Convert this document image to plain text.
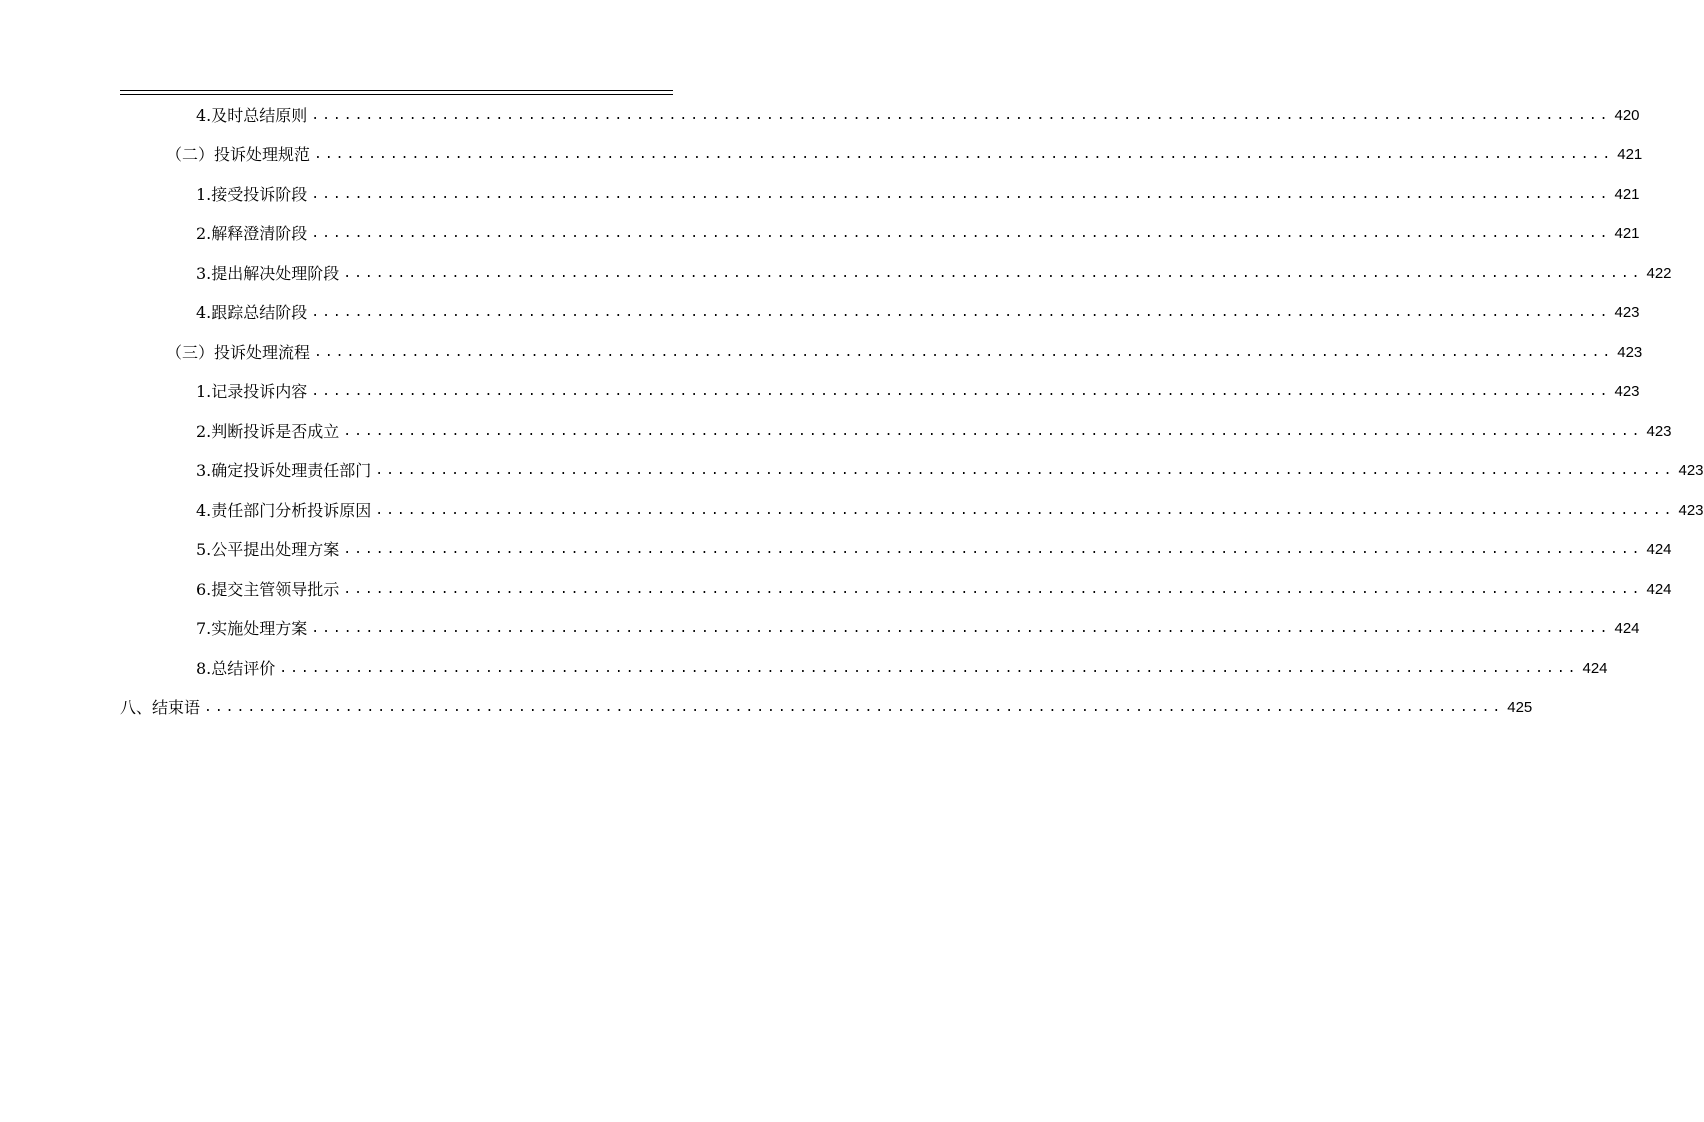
4. 及时总结原则 ........................................................................................................................ 420
（二） 投诉处理规范 ........................................................................................................................ 421
1. 接受投诉阶段 ........................................................................................................................ 421
2. 解释澄清阶段 ........................................................................................................................ 421
3. 提出解决处理阶段 ........................................................................................................................ 422
4. 跟踪总结阶段 ........................................................................................................................ 423
（三） 投诉处理流程 ........................................................................................................................ 423
1. 记录投诉内容 ........................................................................................................................ 423
2. 判断投诉是否成立 ........................................................................................................................ 423
3. 确定投诉处理责任部门 ........................................................................................................................ 423
4. 责任部门分析投诉原因 ........................................................................................................................ 423
5. 公平提出处理方案 ........................................................................................................................ 424
6. 提交主管领导批示 ........................................................................................................................ 424
7. 实施处理方案 ........................................................................................................................ 424
8. 总结评价 ........................................................................................................................ 424
八、 结束语 ........................................................................................................................ 425
